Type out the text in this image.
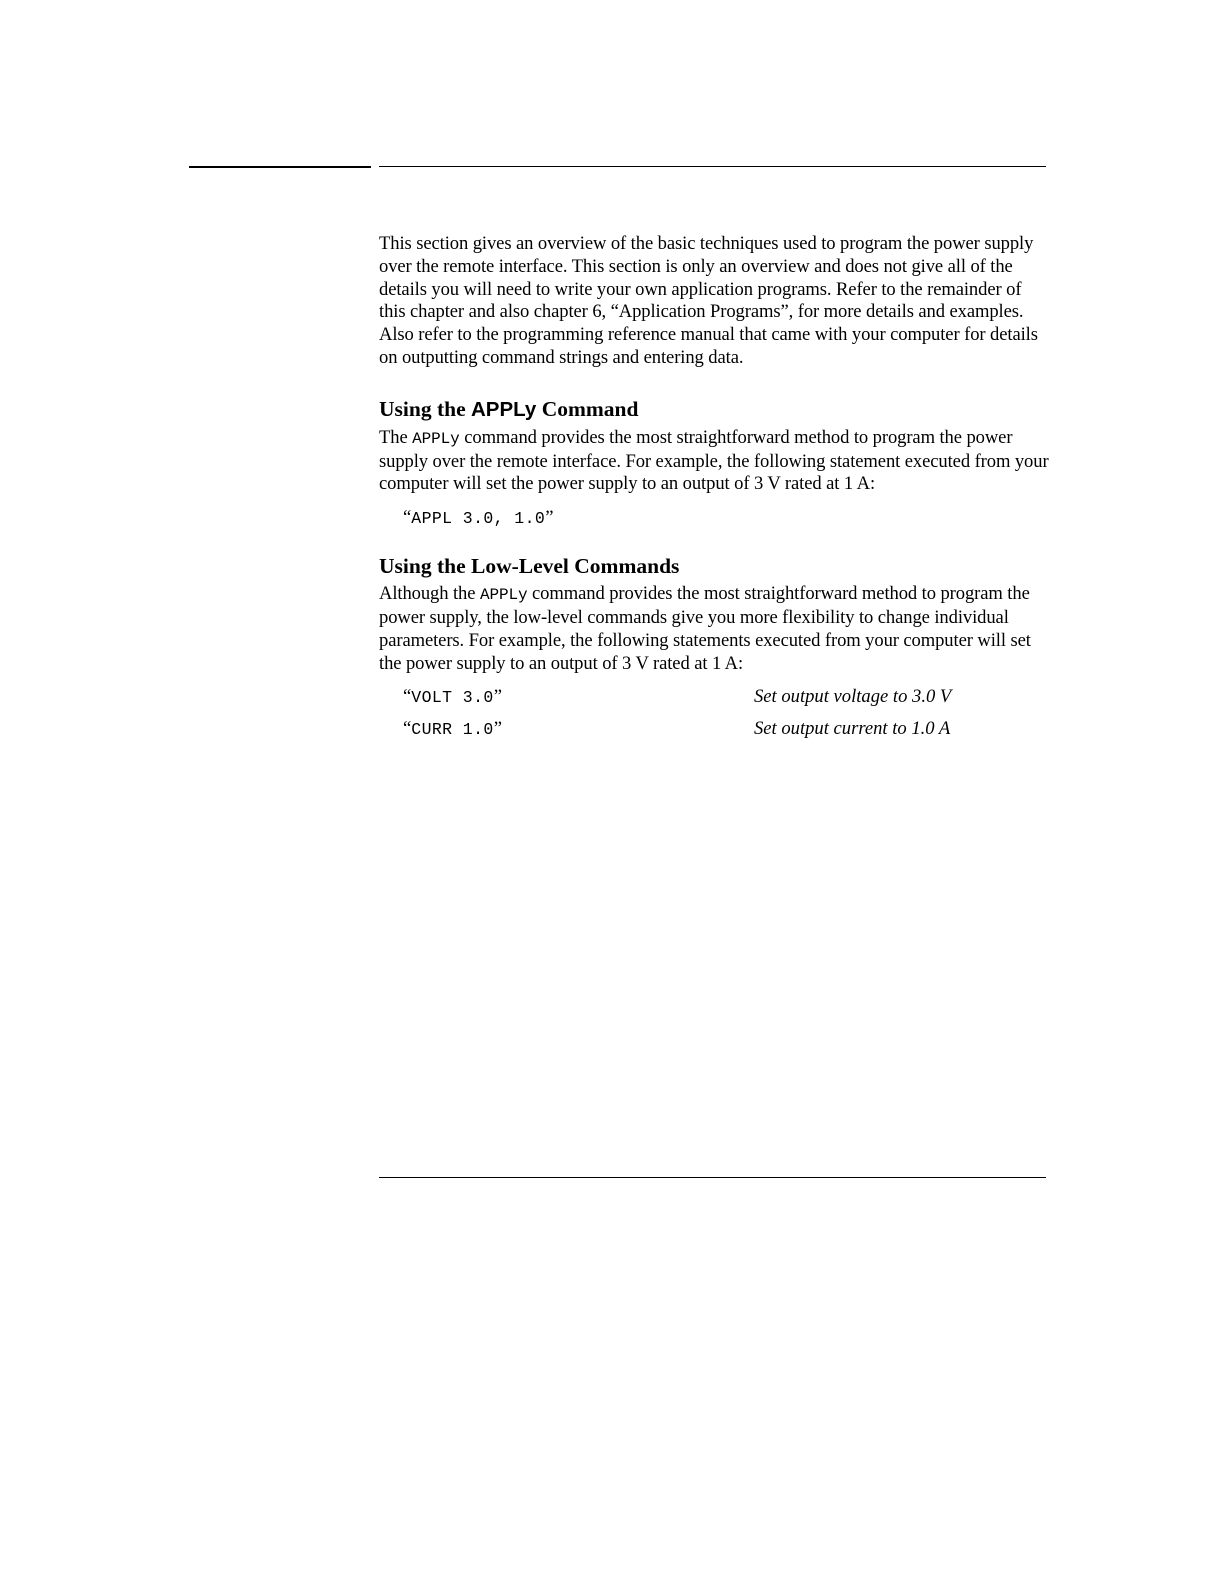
This section gives an overview of the basic techniques used to program the power supply over the remote interface. This section is only an overview and does not give all of the details you will need to write your own application programs. Refer to the remainder of this chapter and also chapter 6, “Application Programs”, for more details and examples. Also refer to the programming reference manual that came with your computer for details on outputting command strings and entering data.

Using the APPLy Command

The APPLy command provides the most straightforward method to program the power supply over the remote interface. For example, the following statement executed from your computer will set the power supply to an output of 3 V rated at 1 A:

“APPL 3.0, 1.0”

Using the Low-Level Commands

Although the APPLy command provides the most straightforward method to program the power supply, the low-level commands give you more flexibility to change individual parameters. For example, the following statements executed from your computer will set the power supply to an output of 3 V rated at 1 A:

“VOLT 3.0”	Set output voltage to 3.0 V
“CURR 1.0”	Set output current to 1.0 A
